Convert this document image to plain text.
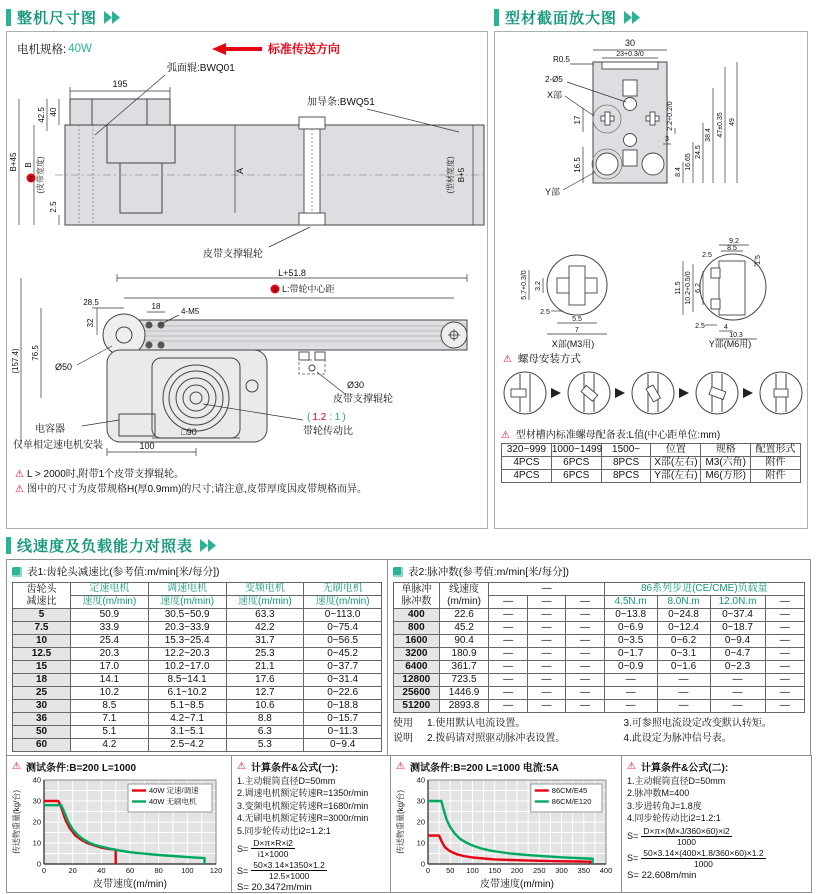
整机尺寸图
电机规格: 40W	标准传送方向
195
42.5 40
B+45 B
2 (皮带宽度)
2.5
A	B+5
(型材宽度)
弧面辊:BWQ01
加导条:BWQ51
皮带支撑辊轮

L+51.8
3 L:带轮中心距
28.5	18
4-M5
32
(157.4) 76.5
Ø50
电容器
仅单相定速电机安装	100
□90
( 1.2 : 1 )
带轮传动比
Ø30
皮带支撑辊轮
⚠ L > 2000时,附带1个皮带支撑辊轮。
⚠ 图中的尺寸为皮带规格H(厚0.9mm)的尺寸;请注意,皮带厚度因皮带规格而异。
型材截面放大图
30
23+0.3/0
R0.5
2-Ø5
X部
Y部
17
16.5
2.2+0.2/0
3
8.4
16.65
24.5
38.4 47±0.35 49
5.7+0.3/0 3.2
2.5
5.5
7
X部(M3用)
9.2
8.5
2.5	1.5
11.5 10.2+0.5/0 6.2
2.5	4
10.3
Y部(M6用)
⚠ 螺母安装方式
⚠ 型材槽内标准螺母配备表:L值(中心距单位:mm)
320~999	1000~1499	1500~	位置	规格	配置形式
4PCS	6PCS	8PCS	X部(左右)	M3(六角)	附件
4PCS	6PCS	8PCS	Y部(左右)	M6(方形)	附件
线速度及负载能力对照表
表1:齿轮头减速比(参考值:m/min[米/每分])
齿轮头
减速比	定速电机	调速电机	变频电机	无刷电机
	速度(m/min)	速度(m/min)	速度(m/min)	速度(m/min)
5	50.9	30.5~50.9	63.3	0~113.0
7.5	33.9	20.3~33.9	42.2	0~75.4
10	25.4	15.3~25.4	31.7	0~56.5
12.5	20.3	12.2~20.3	25.3	0~45.2
15	17.0	10.2~17.0	21.1	0~37.7
18	14.1	8.5~14.1	17.6	0~31.4
25	10.2	6.1~10.2	12.7	0~22.6
30	8.5	5.1~8.5	10.6	0~18.8
36	7.1	4.2~7.1	8.8	0~15.7
50	5.1	3.1~5.1	6.3	0~11.3
60	4.2	2.5~4.2	5.3	0~9.4
表2:脉冲数(参考值:m/min[米/每分])
单脉冲
脉冲数

线速度
(m/min)
	—	86系列步进(CE/CME)负载量
		—	—	—	4.5N.m	8.0N.m	12.0N.m	—
400	22.6	—	—	—	0~13.8	0~24.8	0~37.4	—
800	45.2	—	—	—	0~6.9	0~12.4	0~18.7	—
1600	90.4	—	—	—	0~3.5	0~6.2	0~9.4	—
3200	180.9	—	—	—	0~1.7	0~3.1	0~4.7	—
6400	361.7	—	—	—	0~0.9	0~1.6	0~2.3	—
12800	723.5	—	—	—	—	—	—	—
25600	1446.9	—	—	—	—	—	—	—
51200	2893.8	—	—	—	—	—	—	—
使用
说明
1.使用默认电流设置。	3.可参照电流设定改变默认转矩。
2.拨码请对照驱动脉冲表设置。	4.此设定为脉冲信号表。
⚠ 测试条件:B=200 L=1000
0	20	40	60	80 100 120
0
10
20
30
40
40W 定速/调速
40W 无刷电机
皮带速度(m/min)
传送物重量(kg/台)
⚠ 计算条件&公式(一):
1.主动辊筒直径D=50mm
2.调速电机额定转速R=1350r/min
3.变频电机额定转速R=1680r/min
4.无刷电机额定转速R=3000r/min
5.同步轮传动比i2=1.2:1
$S= \frac{D\times\pi\times R\times i2}{i1\times 1000}$
$S= \frac{50\times 3.14\times 1350\times 1.2}{12.5\times 1000}$
S= 20.3472m/min
⚠ 测试条件:B=200 L=1000 电流:5A
0 50 100 150 200 250 300 350 400
0
10
20
30
40
86CM/E45
86CM/E120
皮带速度(m/min)
传送物重量(kg/台)
⚠ 计算条件&公式(二):
1.主动辊筒直径D=50mm
2.脉冲数M=400
3.步进转角J=1.8度
4.同步轮传动比i2=1.2:1
$S= \frac{D\times\pi\times(M\times J/360\times 60)\times i2}{1000}$
$S= \frac{50\times 3.14\times(400\times 1.8/360\times 60)\times 1.2}{1000}$
S= 22.608m/min
